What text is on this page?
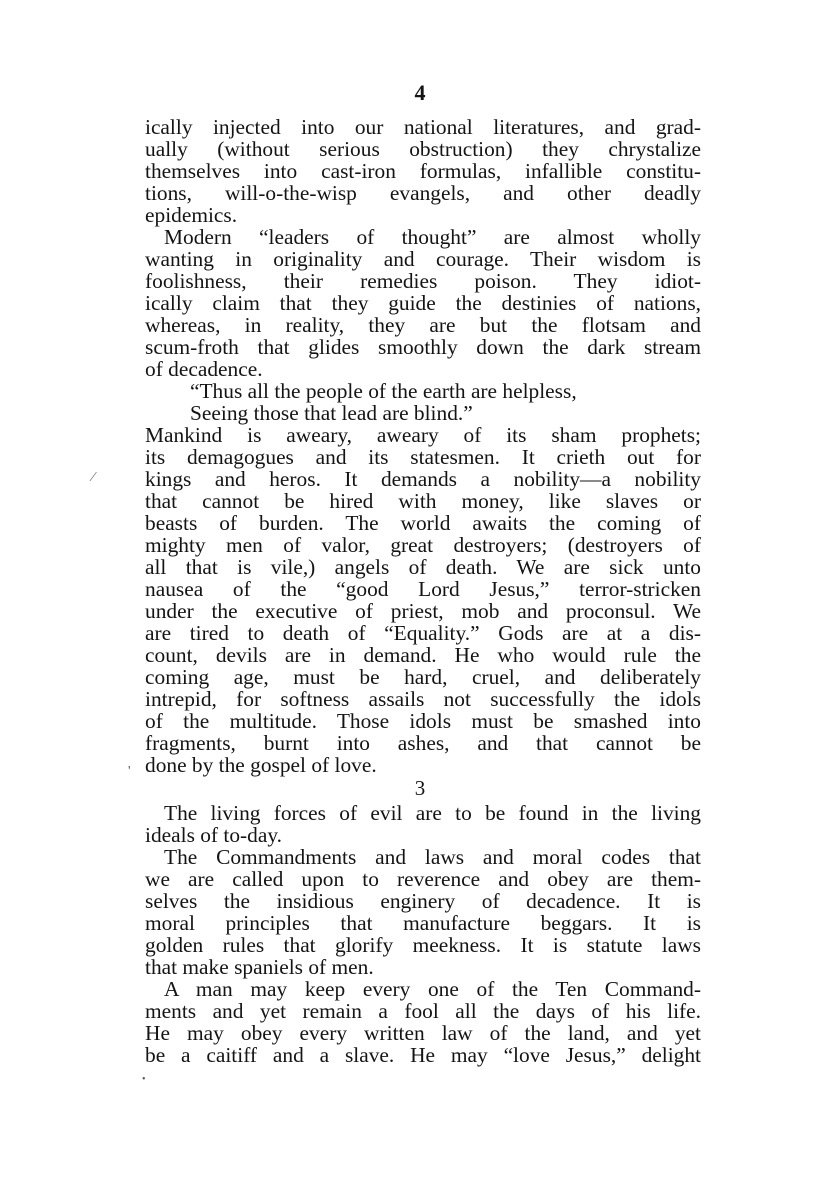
4
ically injected into our national literatures, and grad-
ually (without serious obstruction) they chrystalize
themselves into cast-iron formulas, infallible constitu-
tions, will-o-the-wisp evangels, and other deadly
epidemics.
Modern “leaders of thought” are almost wholly
wanting in originality and courage. Their wisdom is
foolishness, their remedies poison. They idiot-
ically claim that they guide the destinies of nations,
whereas, in reality, they are but the flotsam and
scum-froth that glides smoothly down the dark stream
of decadence.
“Thus all the people of the earth are helpless,
Seeing those that lead are blind.”
Mankind is aweary, aweary of its sham prophets;
its demagogues and its statesmen. It crieth out for
kings and heros. It demands a nobility—a nobility
that cannot be hired with money, like slaves or
beasts of burden. The world awaits the coming of
mighty men of valor, great destroyers; (destroyers of
all that is vile,) angels of death. We are sick unto
nausea of the “good Lord Jesus,” terror-stricken
under the executive of priest, mob and proconsul. We
are tired to death of “Equality.” Gods are at a dis-
count, devils are in demand. He who would rule the
coming age, must be hard, cruel, and deliberately
intrepid, for softness assails not successfully the idols
of the multitude. Those idols must be smashed into
fragments, burnt into ashes, and that cannot be
done by the gospel of love.
3
The living forces of evil are to be found in the living
ideals of to-day.
The Commandments and laws and moral codes that
we are called upon to reverence and obey are them-
selves the insidious enginery of decadence. It is
moral principles that manufacture beggars. It is
golden rules that glorify meekness. It is statute laws
that make spaniels of men.
A man may keep every one of the Ten Command-
ments and yet remain a fool all the days of his life.
He may obey every written law of the land, and yet
be a caitiff and a slave. He may “love Jesus,” delight
⁄
'
•
